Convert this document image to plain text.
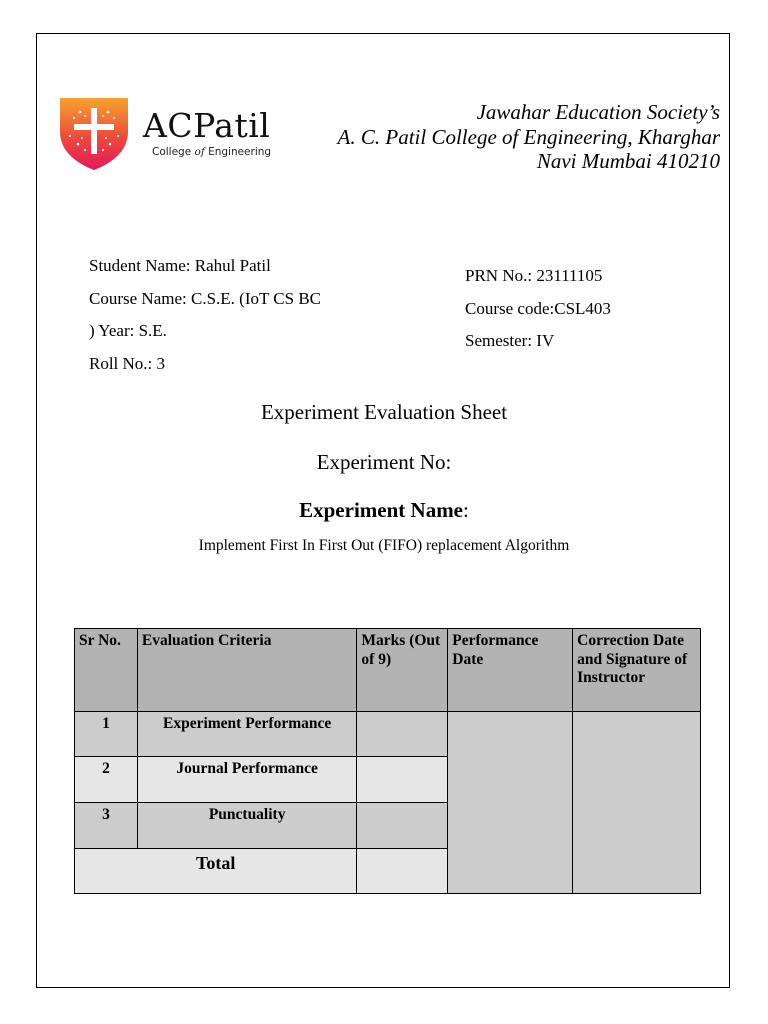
ACPatil
College of Engineering
Jawahar Education Society’s
A. C. Patil College of Engineering, Kharghar
Navi Mumbai 410210
Student Name: Rahul Patil
Course Name: C.S.E. (IoT CS BC
) Year: S.E.
Roll No.: 3
PRN No.: 23111105
Course code:CSL403
Semester: IV
Experiment Evaluation Sheet
Experiment No:
Experiment Name:
Implement First In First Out (FIFO) replacement Algorithm
Sr No.	Evaluation Criteria	Marks (Out of 9)	Performance Date	Correction Date and Signature of Instructor
1	Experiment Performance			
2	Journal Performance			
3	Punctuality			
Total				
